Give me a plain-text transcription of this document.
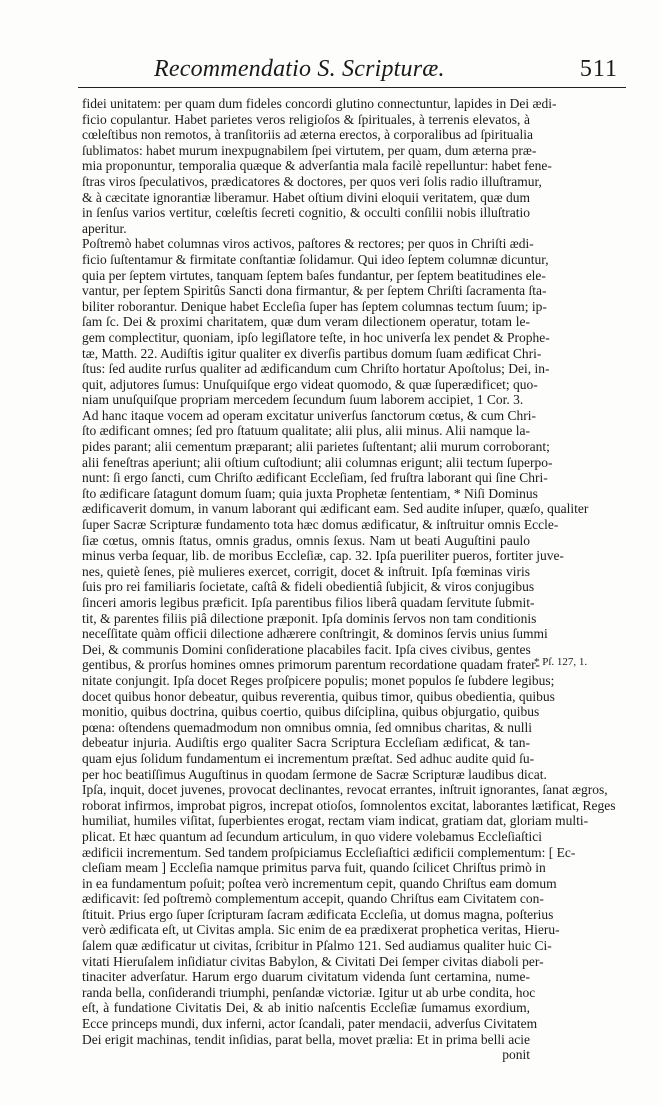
Recommendatio S. Scripturæ.	511
fidei unitatem: per quam dum fideles concordi glutino connectuntur, lapides in Dei ædi-
ficio copulantur. Habet parietes veros religioſos & ſpirituales, à terrenis elevatos, à
cœleſtibus non remotos, à tranſitoriis ad æterna erectos, à corporalibus ad ſpiritualia
ſublimatos: habet murum inexpugnabilem ſpei virtutem, per quam, dum æterna præ-
mia proponuntur, temporalia quæque & adverſantia mala facilè repelluntur: habet fene-
ſtras viros ſpeculativos, prædicatores & doctores, per quos veri ſolis radio illuſtramur,
& à cæcitate ignorantiæ liberamur. Habet oſtium divini eloquii veritatem, quæ dum
in ſenſus varios vertitur, cœleſtis ſecreti cognitio, & occulti conſilii nobis illuſtratio
aperitur.
Poſtremò habet columnas viros activos, paſtores & rectores; per quos in Chriſti ædi-
ficio ſuſtentamur & firmitate conſtantiæ ſolidamur. Qui ideo ſeptem columnæ dicuntur,
quia per ſeptem virtutes, tanquam ſeptem baſes fundantur, per ſeptem beatitudines ele-
vantur, per ſeptem Spiritûs Sancti dona firmantur, & per ſeptem Chriſti ſacramenta ſta-
biliter roborantur. Denique habet Eccleſia ſuper has ſeptem columnas tectum ſuum; ip-
ſam ſc. Dei & proximi charitatem, quæ dum veram dilectionem operatur, totam le-
gem complectitur, quoniam, ipſo legiſlatore teſte, in hoc univerſa lex pendet & Prophe-
tæ, Matth. 22. Audiſtis igitur qualiter ex diverſis partibus domum ſuam ædificat Chri-
ſtus: ſed audite rurſus qualiter ad ædificandum cum Chriſto hortatur Apoſtolus; Dei, in-
quit, adjutores ſumus: Unuſquiſque ergo videat quomodo, & quæ ſuperædificet; quo-
niam unuſquiſque propriam mercedem ſecundum ſuum laborem accipiet, 1 Cor. 3.
Ad hanc itaque vocem ad operam excitatur univerſus ſanctorum cœtus, & cum Chri-
ſto ædificant omnes; ſed pro ſtatuum qualitate; alii plus, alii minus. Alii namque la-
pides parant; alii cementum præparant; alii parietes ſuſtentant; alii murum corroborant;
alii feneſtras aperiunt; alii oſtium cuſtodiunt; alii columnas erigunt; alii tectum ſuperpo-
nunt: ſi ergo ſancti, cum Chriſto ædificant Eccleſiam, ſed fruſtra laborant qui ſine Chri-
ſto ædificare ſatagunt domum ſuam; quia juxta Prophetæ ſententiam, * Niſi Dominus
ædificaverit domum, in vanum laborant qui ædificant eam. Sed audite inſuper, quæſo, qualiter
ſuper Sacræ Scripturæ fundamento tota hæc domus ædificatur, & inſtruitur omnis Eccle-
ſiæ cœtus, omnis ſtatus, omnis gradus, omnis ſexus. Nam ut beati Auguſtini paulo
minus verba ſequar, lib. de moribus Eccleſiæ, cap. 32. Ipſa pueriliter pueros, fortiter juve-
nes, quietè ſenes, piè mulieres exercet, corrigit, docet & inſtruit. Ipſa fœminas viris
ſuis pro rei familiaris ſocietate, caſtâ & fideli obedientiâ ſubjicit, & viros conjugibus
ſinceri amoris legibus præficit. Ipſa parentibus filios liberâ quadam ſervitute ſubmit-
tit, & parentes filiis piâ dilectione præponit. Ipſa dominis ſervos non tam conditionis
neceſſitate quàm officii dilectione adhærere conſtringit, & dominos ſervis unius ſummi
Dei, & communis Domini conſideratione placabiles facit. Ipſa cives civibus, gentes
gentibus, & prorſus homines omnes primorum parentum recordatione quadam frater-
nitate conjungit. Ipſa docet Reges proſpicere populis; monet populos ſe ſubdere legibus;
docet quibus honor debeatur, quibus reverentia, quibus timor, quibus obedientia, quibus
monitio, quibus doctrina, quibus coertio, quibus diſciplina, quibus objurgatio, quibus
pœna: oſtendens quemadmodum non omnibus omnia, ſed omnibus charitas, & nulli
debeatur injuria. Audiſtis ergo qualiter Sacra Scriptura Eccleſiam ædificat, & tan-
quam ejus ſolidum fundamentum ei incrementum præſtat. Sed adhuc audite quid ſu-
per hoc beatiſſimus Auguſtinus in quodam ſermone de Sacræ Scripturæ laudibus dicat.
Ipſa, inquit, docet juvenes, provocat declinantes, revocat errantes, inſtruit ignorantes, ſanat ægros,
roborat infirmos, improbat pigros, increpat otioſos, ſomnolentos excitat, laborantes lætificat, Reges
humiliat, humiles viſitat, ſuperbientes erogat, rectam viam indicat, gratiam dat, gloriam multi-
plicat. Et hæc quantum ad ſecundum articulum, in quo videre volebamus Eccleſiaſtici
ædificii incrementum. Sed tandem proſpiciamus Eccleſiaſtici ædificii complementum: [ Ec-
cleſiam meam ] Eccleſia namque primitus parva fuit, quando ſcilicet Chriſtus primò in
in ea fundamentum poſuit; poſtea verò incrementum cepit, quando Chriſtus eam domum
ædificavit: ſed poſtremò complementum accepit, quando Chriſtus eam Civitatem con-
ſtituit. Prius ergo ſuper ſcripturam ſacram ædificata Eccleſia, ut domus magna, poſterius
verò ædificata eſt, ut Civitas ampla. Sic enim de ea prædixerat prophetica veritas, Hieru-
ſalem quæ ædificatur ut civitas, ſcribitur in Pſalmo 121. Sed audiamus qualiter huic Ci-
vitati Hieruſalem inſidiatur civitas Babylon, & Civitati Dei ſemper civitas diaboli per-
tinaciter adverſatur. Harum ergo duarum civitatum videnda ſunt certamina, nume-
randa bella, conſiderandi triumphi, penſandæ victoriæ. Igitur ut ab urbe condita, hoc
eſt, à fundatione Civitatis Dei, & ab initio naſcentis Eccleſiæ ſumamus exordium,
Ecce princeps mundi, dux inferni, actor ſcandali, pater mendacii, adverſus Civitatem
Dei erigit machinas, tendit inſidias, parat bella, movet prælia: Et in prima belli acie
ponit
* Pſ. 127, 1.
